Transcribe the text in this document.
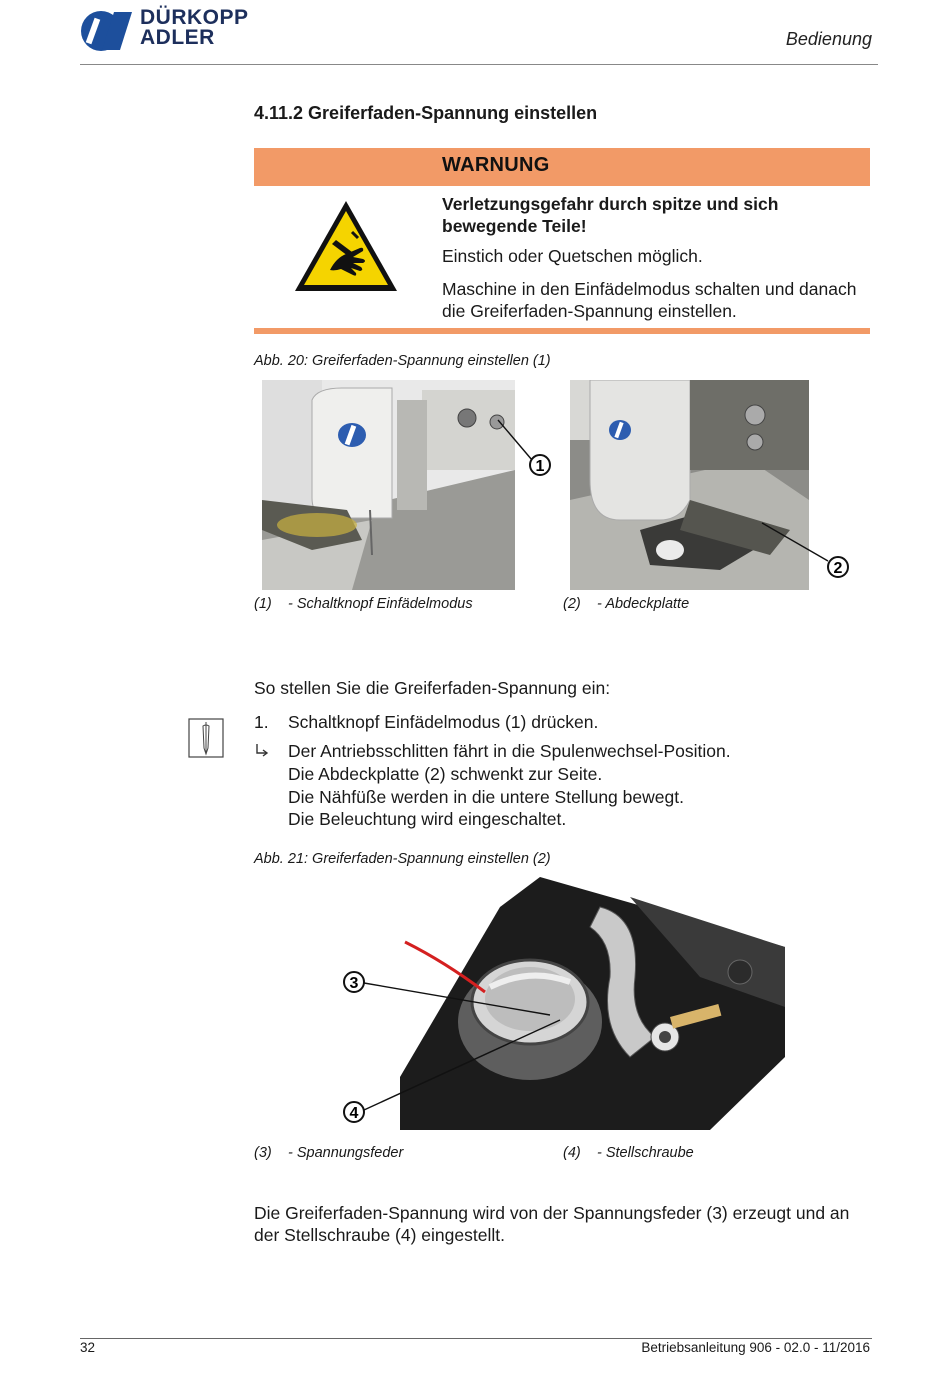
DÜRKOPP
ADLER	Bedienung
4.11.2 Greiferfaden-Spannung einstellen
WARNUNG
Verletzungsgefahr durch spitze und sich bewegende Teile!
Einstich oder Quetschen möglich.
Maschine in den Einfädelmodus schalten und danach die Greiferfaden-Spannung einstellen.
Abb. 20: Greiferfaden-Spannung einstellen (1)
1
2
(1) - Schaltknopf Einfädelmodus	(2) - Abdeckplatte
So stellen Sie die Greiferfaden-Spannung ein:
1. Schaltknopf Einfädelmodus (1) drücken.
Der Antriebsschlitten fährt in die Spulenwechsel-Position.
Die Abdeckplatte (2) schwenkt zur Seite.
Die Nähfüße werden in die untere Stellung bewegt.
Die Beleuchtung wird eingeschaltet.
Abb. 21: Greiferfaden-Spannung einstellen (2)
3
4
(3) - Spannungsfeder	(4) - Stellschraube
Die Greiferfaden-Spannung wird von der Spannungsfeder (3) erzeugt und an der Stellschraube (4) eingestellt.
32	Betriebsanleitung 906 - 02.0 - 11/2016
